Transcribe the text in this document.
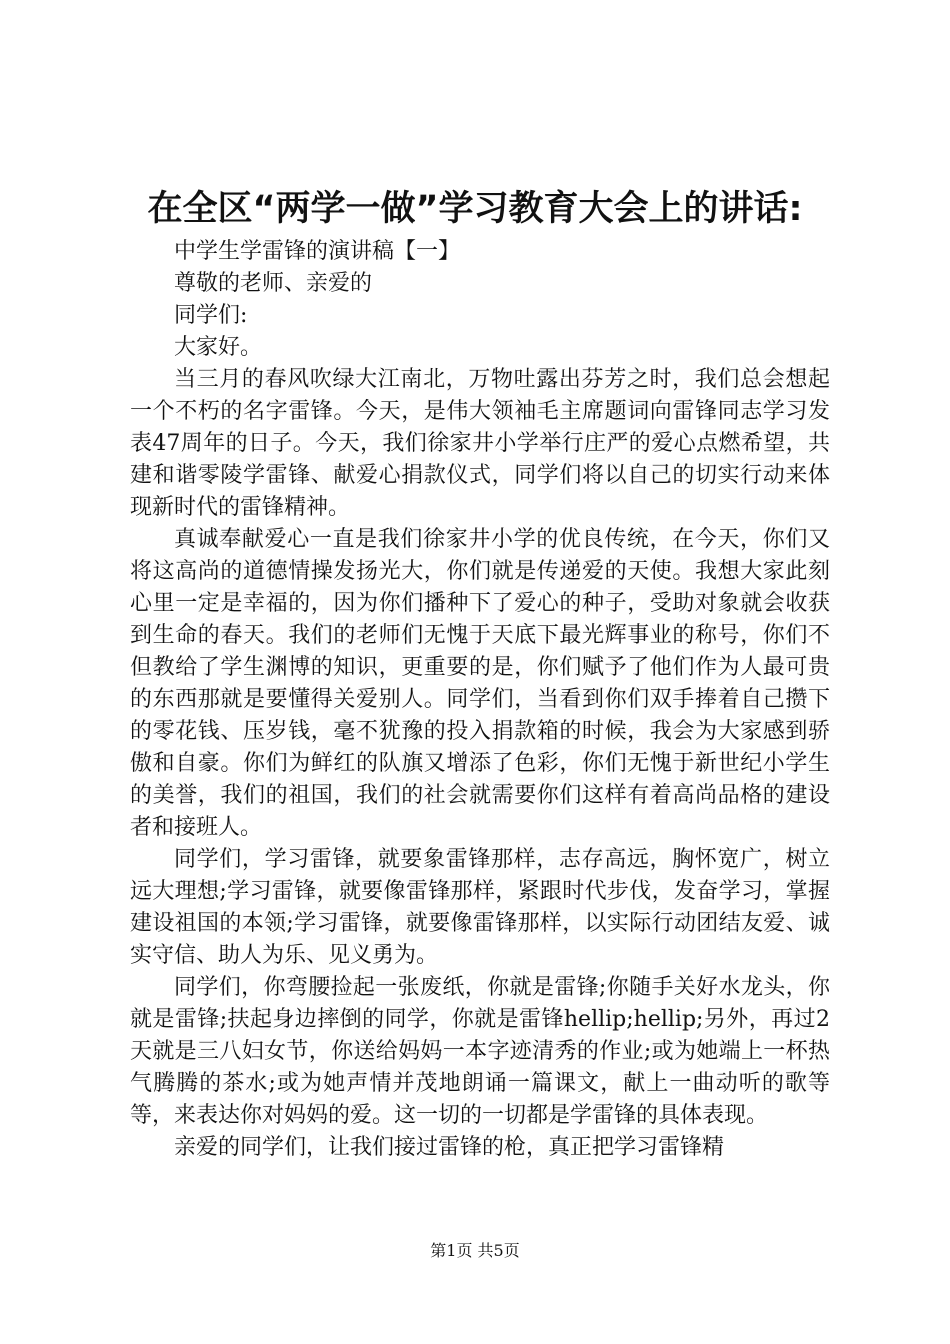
在全区“两学一做”学习教育大会上的讲话:

中学生学雷锋的演讲稿【一】

尊敬的老师、亲爱的

同学们:

大家好。

当三月的春风吹绿大江南北，万物吐露出芬芳之时，我们总会想起一个不朽的名字雷锋。今天，是伟大领袖毛主席题词向雷锋同志学习发表47周年的日子。今天，我们徐家井小学举行庄严的爱心点燃希望，共建和谐零陵学雷锋、献爱心捐款仪式，同学们将以自己的切实行动来体现新时代的雷锋精神。

真诚奉献爱心一直是我们徐家井小学的优良传统，在今天，你们又将这高尚的道德情操发扬光大，你们就是传递爱的天使。我想大家此刻心里一定是幸福的，因为你们播种下了爱心的种子，受助对象就会收获到生命的春天。我们的老师们无愧于天底下最光辉事业的称号，你们不但教给了学生渊博的知识，更重要的是，你们赋予了他们作为人最可贵的东西那就是要懂得关爱别人。同学们，当看到你们双手捧着自己攒下的零花钱、压岁钱，毫不犹豫的投入捐款箱的时候，我会为大家感到骄傲和自豪。你们为鲜红的队旗又增添了色彩，你们无愧于新世纪小学生的美誉，我们的祖国，我们的社会就需要你们这样有着高尚品格的建设者和接班人。

同学们，学习雷锋，就要象雷锋那样，志存高远，胸怀宽广，树立远大理想;学习雷锋，就要像雷锋那样，紧跟时代步伐，发奋学习，掌握建设祖国的本领;学习雷锋，就要像雷锋那样，以实际行动团结友爱、诚实守信、助人为乐、见义勇为。

同学们，你弯腰捡起一张废纸，你就是雷锋;你随手关好水龙头，你就是雷锋;扶起身边摔倒的同学，你就是雷锋hellip;hellip;另外，再过2天就是三八妇女节，你送给妈妈一本字迹清秀的作业;或为她端上一杯热气腾腾的茶水;或为她声情并茂地朗诵一篇课文，献上一曲动听的歌等等，来表达你对妈妈的爱。这一切的一切都是学雷锋的具体表现。

亲爱的同学们，让我们接过雷锋的枪，真正把学习雷锋精

第1页 共5页
